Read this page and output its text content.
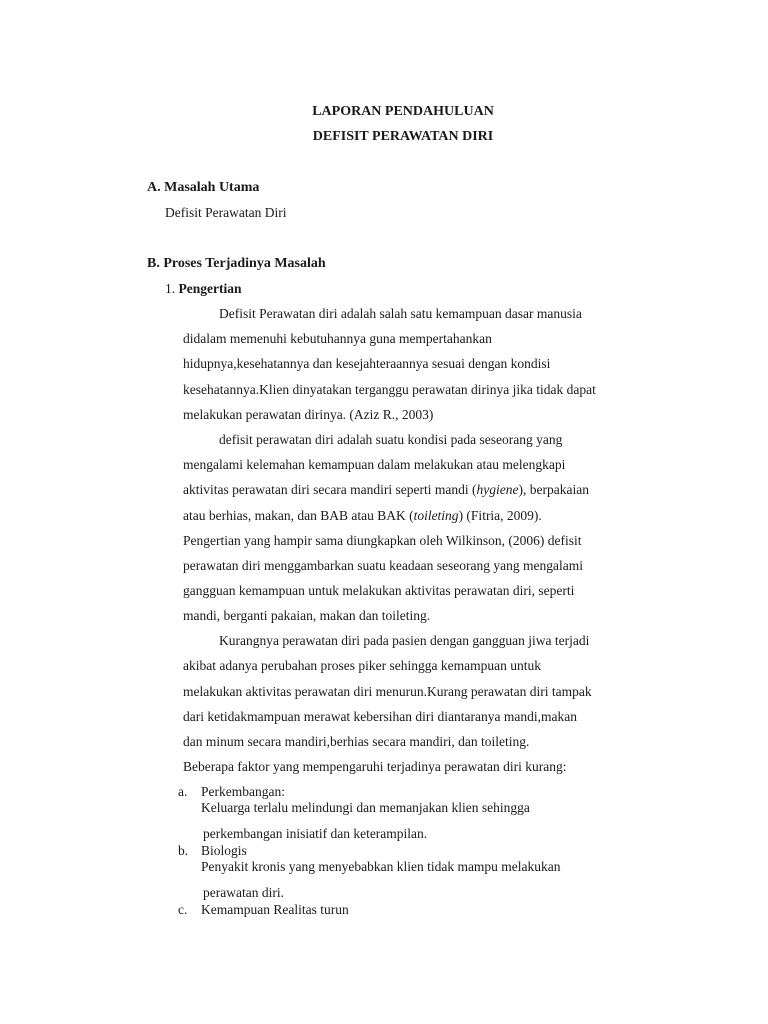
LAPORAN PENDAHULUAN
DEFISIT PERAWATAN DIRI
A. Masalah Utama
Defisit Perawatan Diri
B. Proses Terjadinya Masalah
1. Pengertian
Defisit Perawatan diri adalah salah satu kemampuan dasar manusia
didalam memenuhi kebutuhannya guna mempertahankan
hidupnya,kesehatannya dan kesejahteraannya sesuai dengan kondisi
kesehatannya.Klien dinyatakan terganggu perawatan dirinya jika tidak dapat
melakukan perawatan dirinya. (Aziz R., 2003)
defisit perawatan diri adalah suatu kondisi pada seseorang yang
mengalami kelemahan kemampuan dalam melakukan atau melengkapi
aktivitas perawatan diri secara mandiri seperti mandi (hygiene), berpakaian
atau berhias, makan, dan BAB atau BAK (toileting) (Fitria, 2009).
Pengertian yang hampir sama diungkapkan oleh Wilkinson, (2006) defisit
perawatan diri menggambarkan suatu keadaan seseorang yang mengalami
gangguan kemampuan untuk melakukan aktivitas perawatan diri, seperti
mandi, berganti pakaian, makan dan toileting.
Kurangnya perawatan diri pada pasien dengan gangguan jiwa terjadi
akibat adanya perubahan proses piker sehingga kemampuan untuk
melakukan aktivitas perawatan diri menurun.Kurang perawatan diri tampak
dari ketidakmampuan merawat kebersihan diri diantaranya mandi,makan
dan minum secara mandiri,berhias secara mandiri, dan toileting.
Beberapa faktor yang mempengaruhi terjadinya perawatan diri kurang:
a. Perkembangan:
Keluarga terlalu melindungi dan memanjakan klien sehingga
perkembangan inisiatif dan keterampilan.
b. Biologis
Penyakit kronis yang menyebabkan klien tidak mampu melakukan
perawatan diri.
c. Kemampuan Realitas turun
